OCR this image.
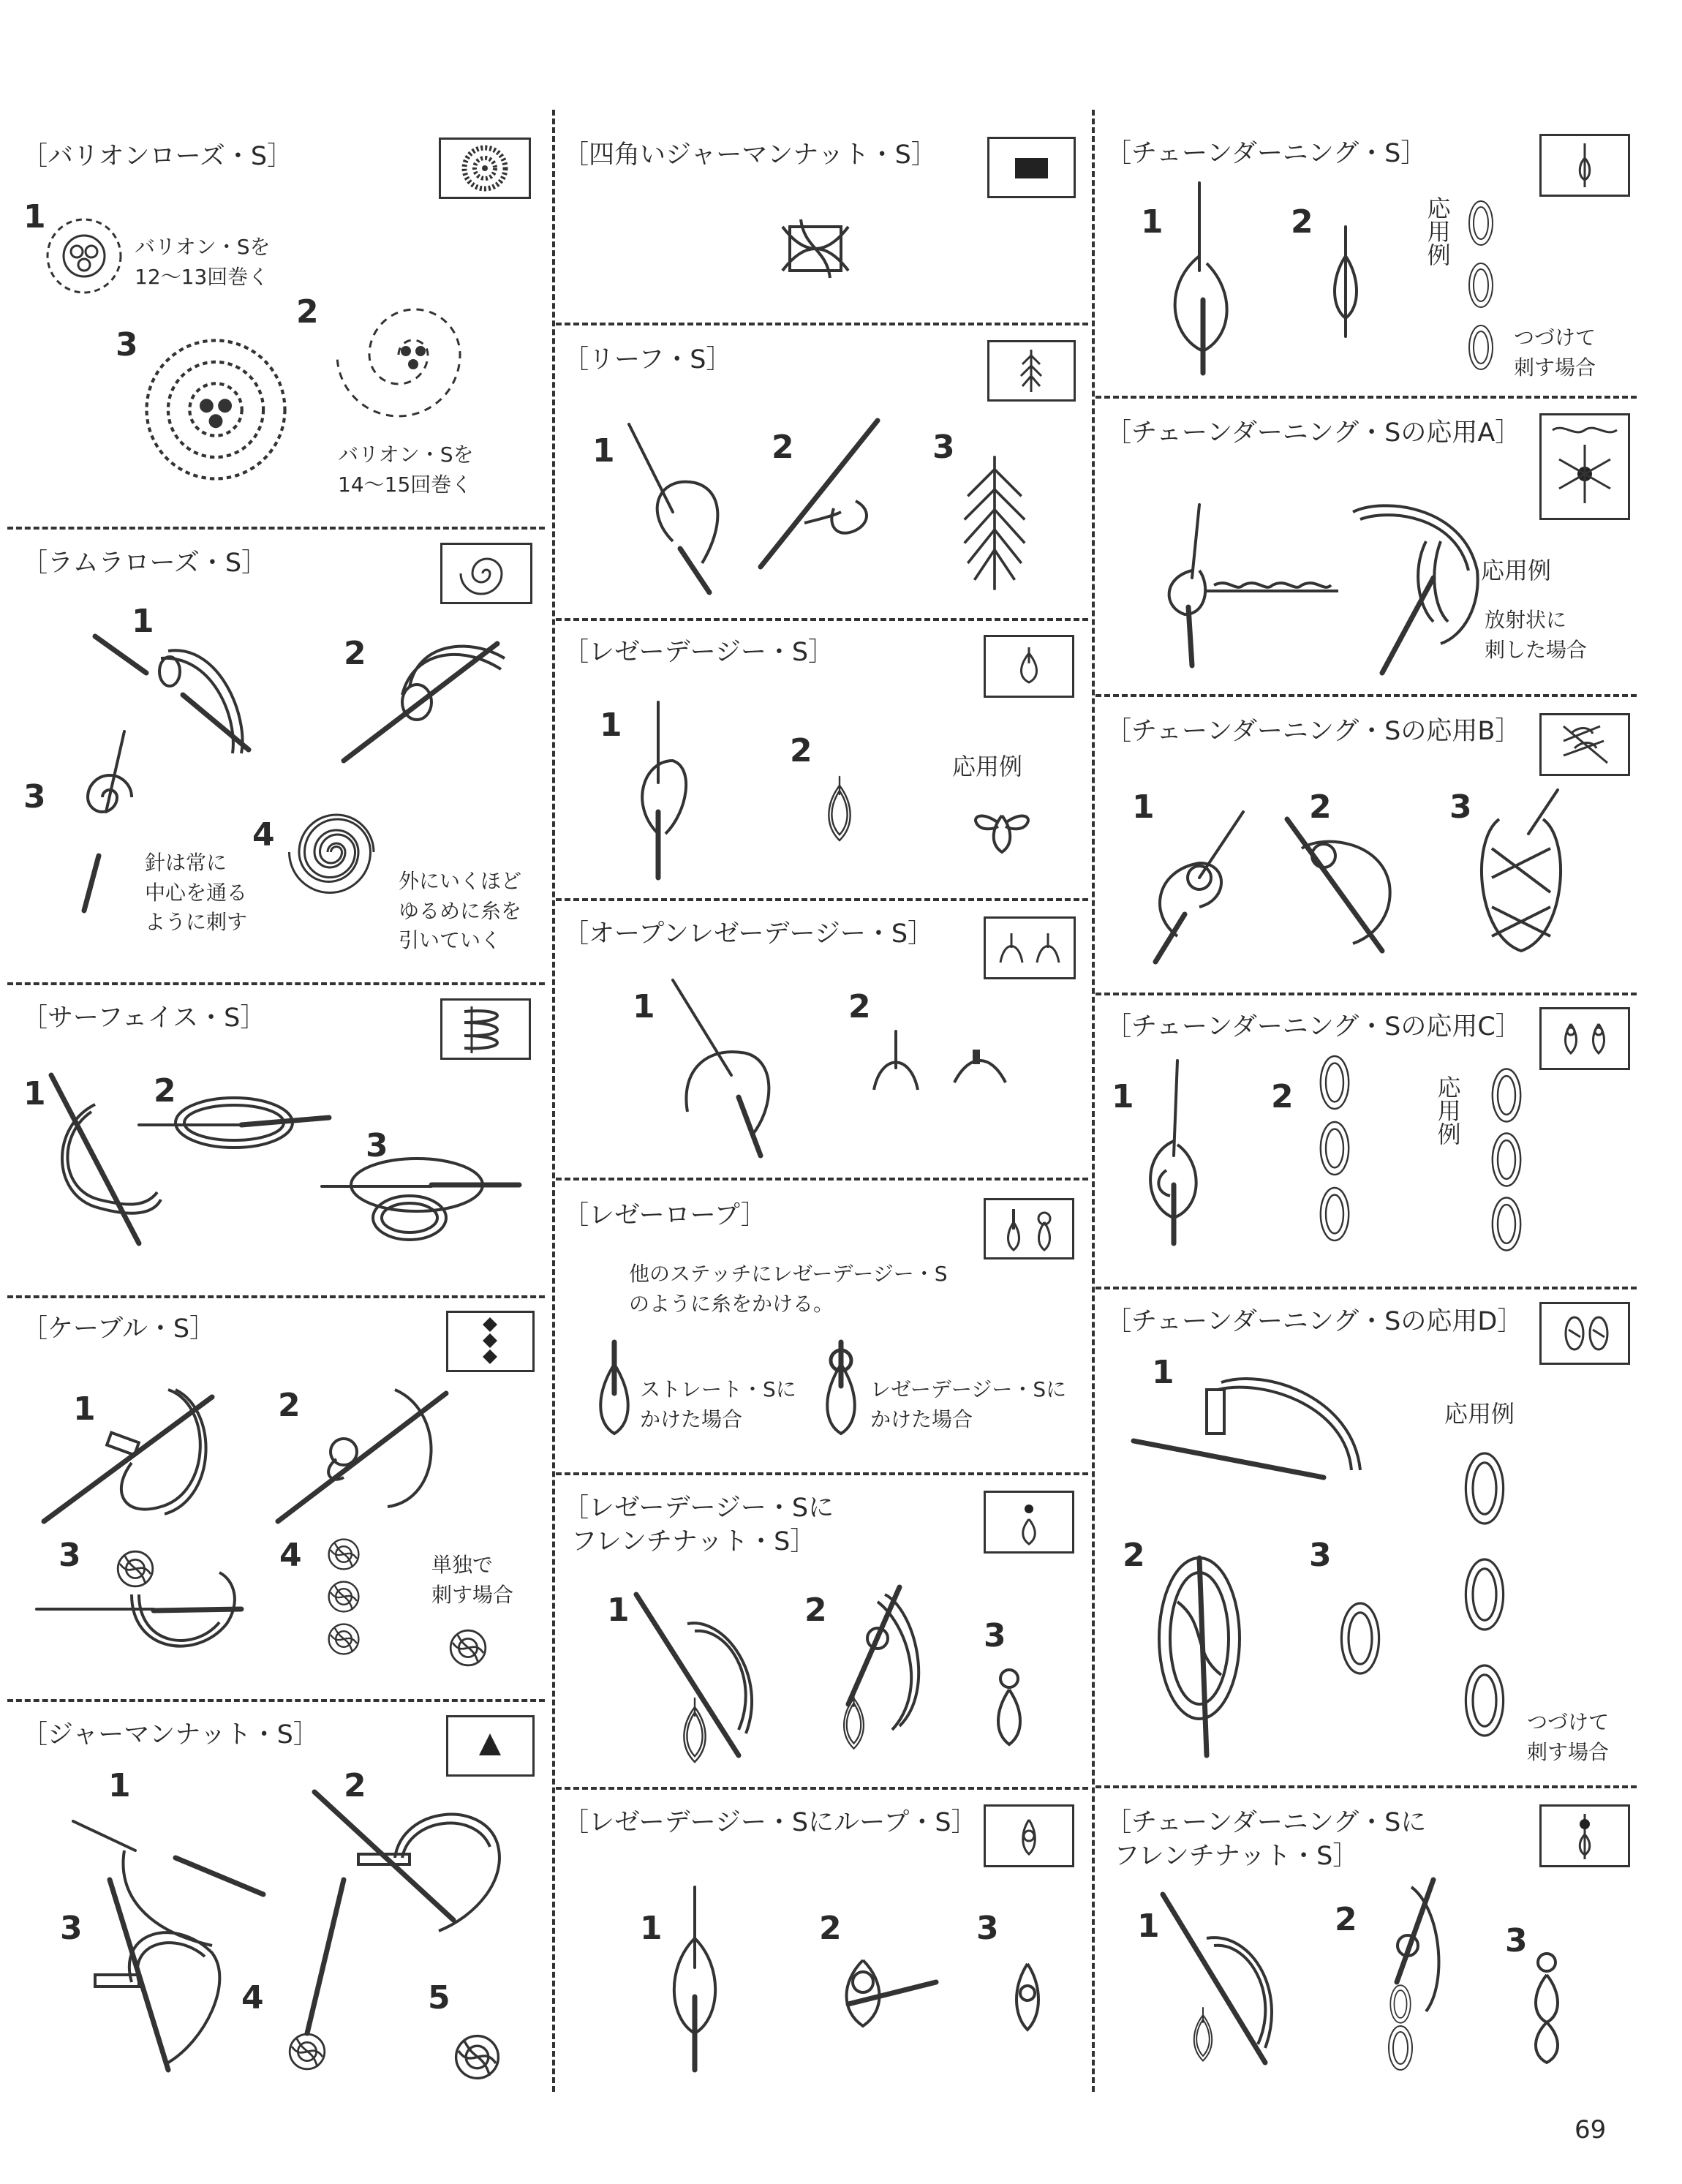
［バリオンローズ・S］
1
バリオン・Sを
12～13回巻く
2
3
バリオン・Sを
14～15回巻く
［ラムラローズ・S］
1
2
3
4
針は常に
中心を通る
ように刺す
外にいくほど
ゆるめに糸を
引いていく
［サーフェイス・S］
1	2
3
［ケーブル・S］
1	2
3	4	単独で
刺す場合
［ジャーマンナット・S］
1	2
3
4	5
［四角いジャーマンナット・S］
［リーフ・S］
1	2	3
［レゼーデージー・S］
1
2	応用例
［オープンレゼーデージー・S］
1	2
［レゼーロープ］
他のステッチにレゼーデージー・S
のように糸をかける。
ストレート・Sに
かけた場合
レゼーデージー・Sに
かけた場合
［レゼーデージー・Sに
フレンチナット・S］
1	2
3
［レゼーデージー・Sにループ・S］
1	2	3
［チェーンダーニング・S］
1	2	応用例
つづけて
刺す場合
［チェーンダーニング・Sの応用A］
応用例
放射状に
刺した場合
［チェーンダーニング・Sの応用B］
1	2	3
［チェーンダーニング・Sの応用C］
1	2	応用例
［チェーンダーニング・Sの応用D］
1
応用例
2	3
つづけて
刺す場合
［チェーンダーニング・Sに
フレンチナット・S］
1	2
3
69
